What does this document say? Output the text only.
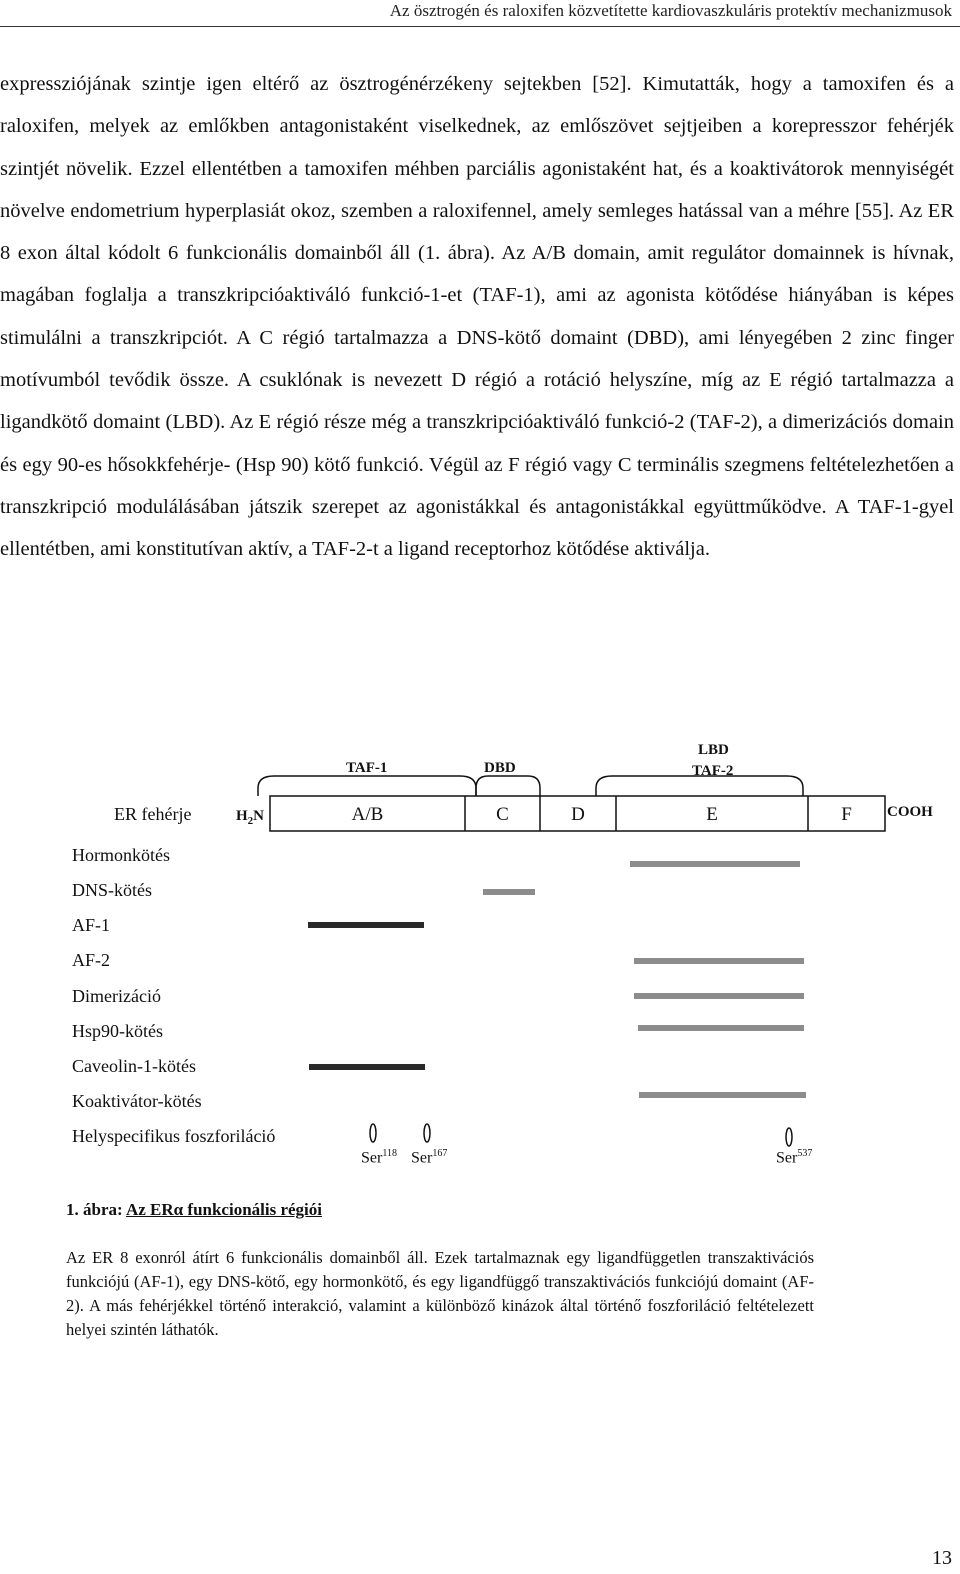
Az ösztrogén és raloxifen közvetítette kardiovaszkuláris protektív mechanizmusok

expressziójának szintje igen eltérő az ösztrogénérzékeny sejtekben [52]. Kimutatták, hogy a tamoxifen és a raloxifen, melyek az emlőkben antagonistaként viselkednek, az emlőszövet sejtjeiben a korepresszor fehérjék szintjét növelik. Ezzel ellentétben a tamoxifen méhben parciális agonistaként hat, és a koaktivátorok mennyiségét növelve endometrium hyperplasiát okoz, szemben a raloxifennel, amely semleges hatással van a méhre [55]. Az ER 8 exon által kódolt 6 funkcionális domainből áll (1. ábra). Az A/B domain, amit regulátor domainnek is hívnak, magában foglalja a transzkripcióaktiváló funkció-1-et (TAF-1), ami az agonista kötődése hiányában is képes stimulálni a transzkripciót. A C régió tartalmazza a DNS-kötő domaint (DBD), ami lényegében 2 zinc finger motívumból tevődik össze. A csuklónak is nevezett D régió a rotáció helyszíne, míg az E régió tartalmazza a ligandkötő domaint (LBD). Az E régió része még a transzkripcióaktiváló funkció-2 (TAF-2), a dimerizációs domain és egy 90-es hősokkfehérje- (Hsp 90) kötő funkció. Végül az F régió vagy C terminális szegmens feltételezhetően a transzkripció modulálásában játszik szerepet az agonistákkal és antagonistákkal együttműködve. A TAF-1-gyel ellentétben, ami konstitutívan aktív, a TAF-2-t a ligand receptorhoz kötődése aktiválja.

TAF-1	DBD
LBD
TAF-2
ER fehérje	$H_2N$	COOH
A/B	C	D	E	F
Hormonkötés
DNS-kötés
AF-1
AF-2
Dimerizáció
Hsp90-kötés
Caveolin-1-kötés
Koaktivátor-kötés
Helyspecifikus foszforiláció
Ser$^{118}$ Ser$^{167}$	Ser$^{537}$
1. ábra: Az ERα funkcionális régiói
Az ER 8 exonról átírt 6 funkcionális domainből áll. Ezek tartalmaznak egy ligandfüggetlen transzaktivációs funkciójú (AF-1), egy DNS-kötő, egy hormonkötő, és egy ligandfüggő transzaktivációs funkciójú domaint (AF-2). A más fehérjékkel történő interakció, valamint a különböző kinázok által történő foszforiláció feltételezett helyei szintén láthatók.
13
